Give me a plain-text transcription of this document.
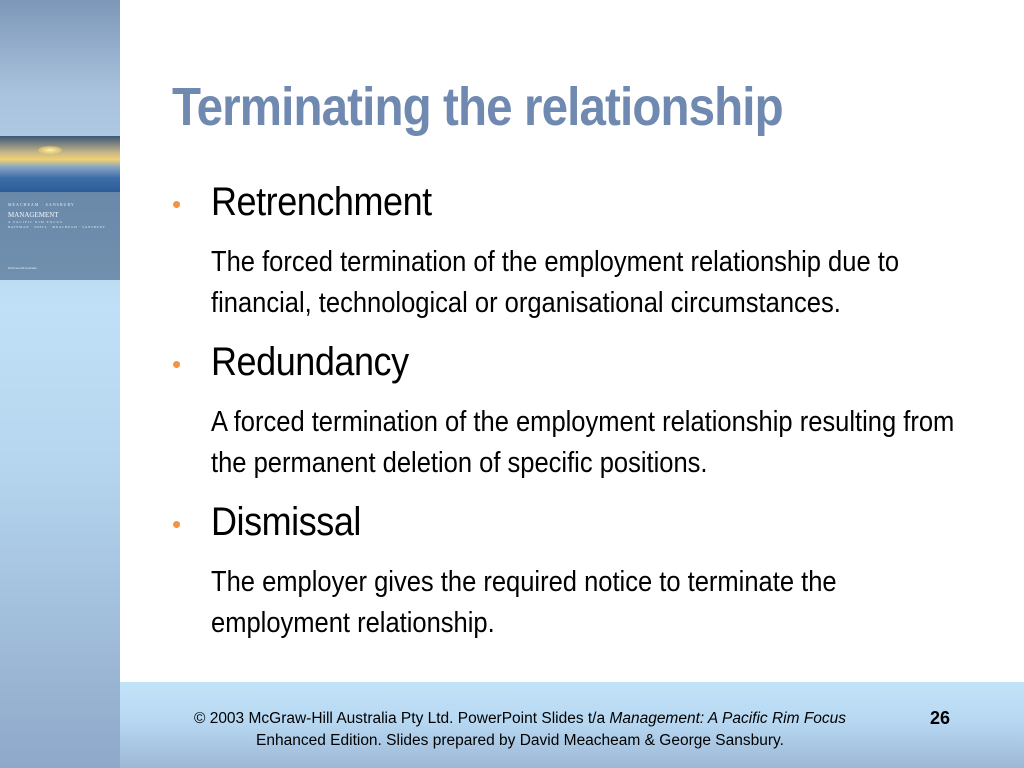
MEACHEAM · SANSBURY
MANAGEMENT
A PACIFIC RIM FOCUS
BATEMAN · SNELL · MEACHEAM · SANSBURY
McGraw-Hill Australia
Terminating the relationship
• Retrenchment
The forced termination of the employment relationship due to financial, technological or organisational circumstances.
• Redundancy
A forced termination of the employment relationship resulting from the permanent deletion of specific positions.
• Dismissal
The employer gives the required notice to terminate the employment relationship.
© 2003 McGraw-Hill Australia Pty Ltd. PowerPoint Slides t/a Management: A Pacific Rim Focus
Enhanced Edition. Slides prepared by David Meacheam & George Sansbury.
26
